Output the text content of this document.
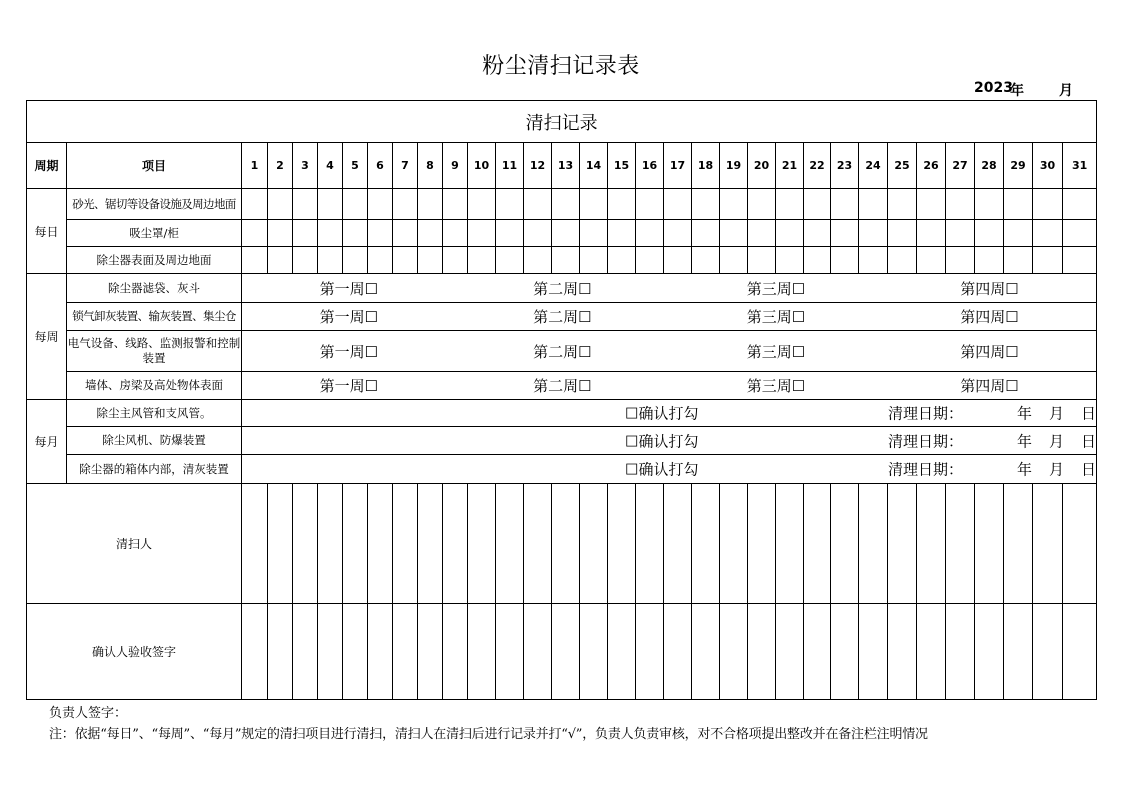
粉尘清扫记录表
2023
年	月
清扫记录																																
周期	项目	1	2	3	4	5	6	7	8	9	10	11	12	13	14	15	16	17	18	19	20	21	22	23	24	25	26	27	28	29	30	31
每日	砂光、锯切等设备设施及周边地面																															
	吸尘罩/柜																															
	除尘器表面及周边地面																															
每周	除尘器滤袋、灰斗	第一周☐ 第二周☐ 第三周☐ 第四周☐																														

	锁气卸灰装置、输灰装置、集尘仓	第一周☐ 第二周☐ 第三周☐ 第四周☐																														

	电气设备、线路、监测报警和控制装置	第一周☐ 第二周☐ 第三周☐ 第四周☐																														

	墙体、房梁及高处物体表面	第一周☐ 第二周☐ 第三周☐ 第四周☐																														

每月	除尘主风管和支风管。	☐确认打勾 清理日期： 年 月 日																														

	除尘风机、防爆装置	☐确认打勾 清理日期： 年 月 日																														

	除尘器的箱体内部，清灰装置	☐确认打勾 清理日期： 年 月 日																														

清扫人																																
确认人验收签字																																
负责人签字：
注：依据“每日”、“每周”、“每月”规定的清扫项目进行清扫，清扫人在清扫后进行记录并打“√”，负责人负责审核，对不合格项提出整改并在备注栏注明情况
